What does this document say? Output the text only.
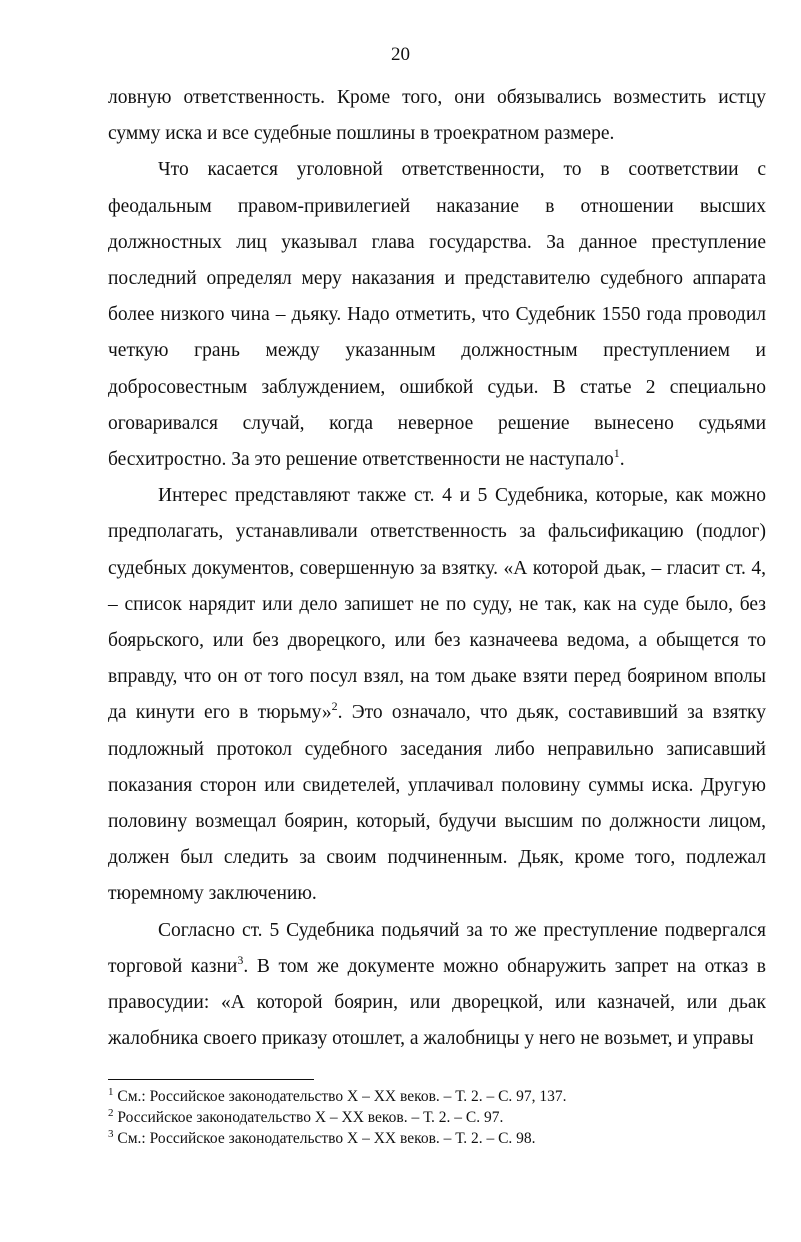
20

ловную ответственность. Кроме того, они обязывались возместить истцу сумму иска и все судебные пошлины в троекратном размере.

Что касается уголовной ответственности, то в соответствии с феодальным правом-привилегией наказание в отношении высших должностных лиц указывал глава государства. За данное преступление последний определял меру наказания и представителю судебного аппарата более низкого чина – дьяку. Надо отметить, что Судебник 1550 года проводил четкую грань между указанным должностным преступлением и добросовестным заблуждением, ошибкой судьи. В статье 2 специально оговаривался случай, когда неверное решение вынесено судьями бесхитростно. За это решение ответственности не наступало$^1$.

Интерес представляют также ст. 4 и 5 Судебника, которые, как можно предполагать, устанавливали ответственность за фальсификацию (подлог) судебных документов, совершенную за взятку. «А которой дьак, – гласит ст. 4, – список нарядит или дело запишет не по суду, не так, как на суде было, без боярьского, или без дворецкого, или без казначеева ведома, а обыщется то вправду, что он от того посул взял, на том дьаке взяти перед боярином вполы да кинути его в тюрьму»$^2$. Это означало, что дьяк, составивший за взятку подложный протокол судебного заседания либо неправильно записавший показания сторон или свидетелей, уплачивал половину суммы иска. Другую половину возмещал боярин, который, будучи высшим по должности лицом, должен был следить за своим подчиненным. Дьяк, кроме того, подлежал тюремному заключению.

Согласно ст. 5 Судебника подьячий за то же преступление подвергался торговой казни$^3$. В том же документе можно обнаружить запрет на отказ в правосудии: «А которой боярин, или дворецкой, или казначей, или дьак жалобника своего приказу отошлет, а жалобницы у него не возьмет, и управы

$^1$ См.: Российское законодательство X – XX веков. – Т. 2. – С. 97, 137.
$^2$ Российское законодательство X – XX веков. – Т. 2. – С. 97.
$^3$ См.: Российское законодательство X – XX веков. – Т. 2. – С. 98.
